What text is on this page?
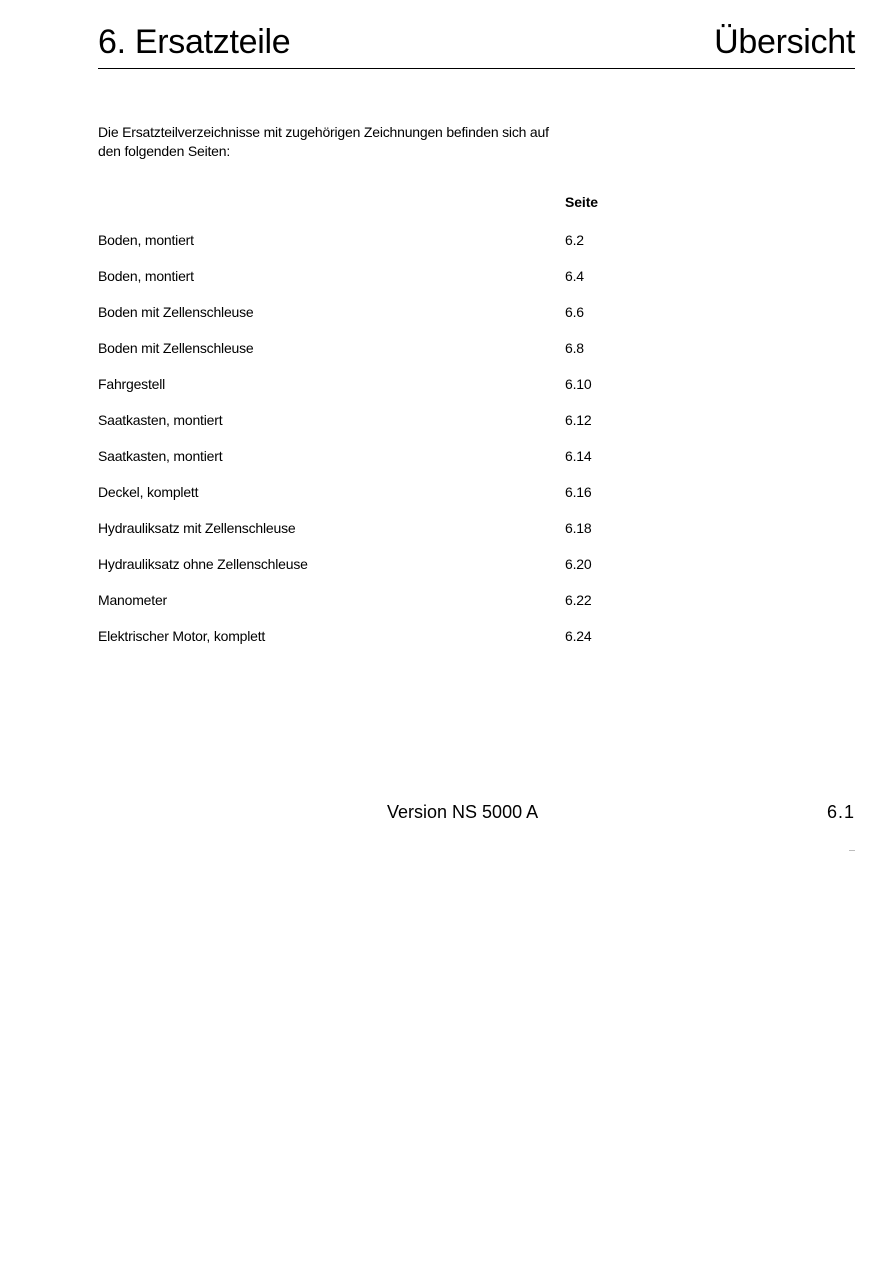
6. Ersatzteile	Übersicht
Die Ersatzteilverzeichnisse mit zugehörigen Zeichnungen befinden sich auf
den folgenden Seiten:
Seite
Boden, montiert	6.2
Boden, montiert	6.4
Boden mit Zellenschleuse	6.6
Boden mit Zellenschleuse	6.8
Fahrgestell	6.10
Saatkasten, montiert	6.12
Saatkasten, montiert	6.14
Deckel, komplett	6.16
Hydrauliksatz mit Zellenschleuse	6.18
Hydrauliksatz ohne Zellenschleuse	6.20
Manometer	6.22
Elektrischer Motor, komplett	6.24
Version NS 5000 A	6.1
